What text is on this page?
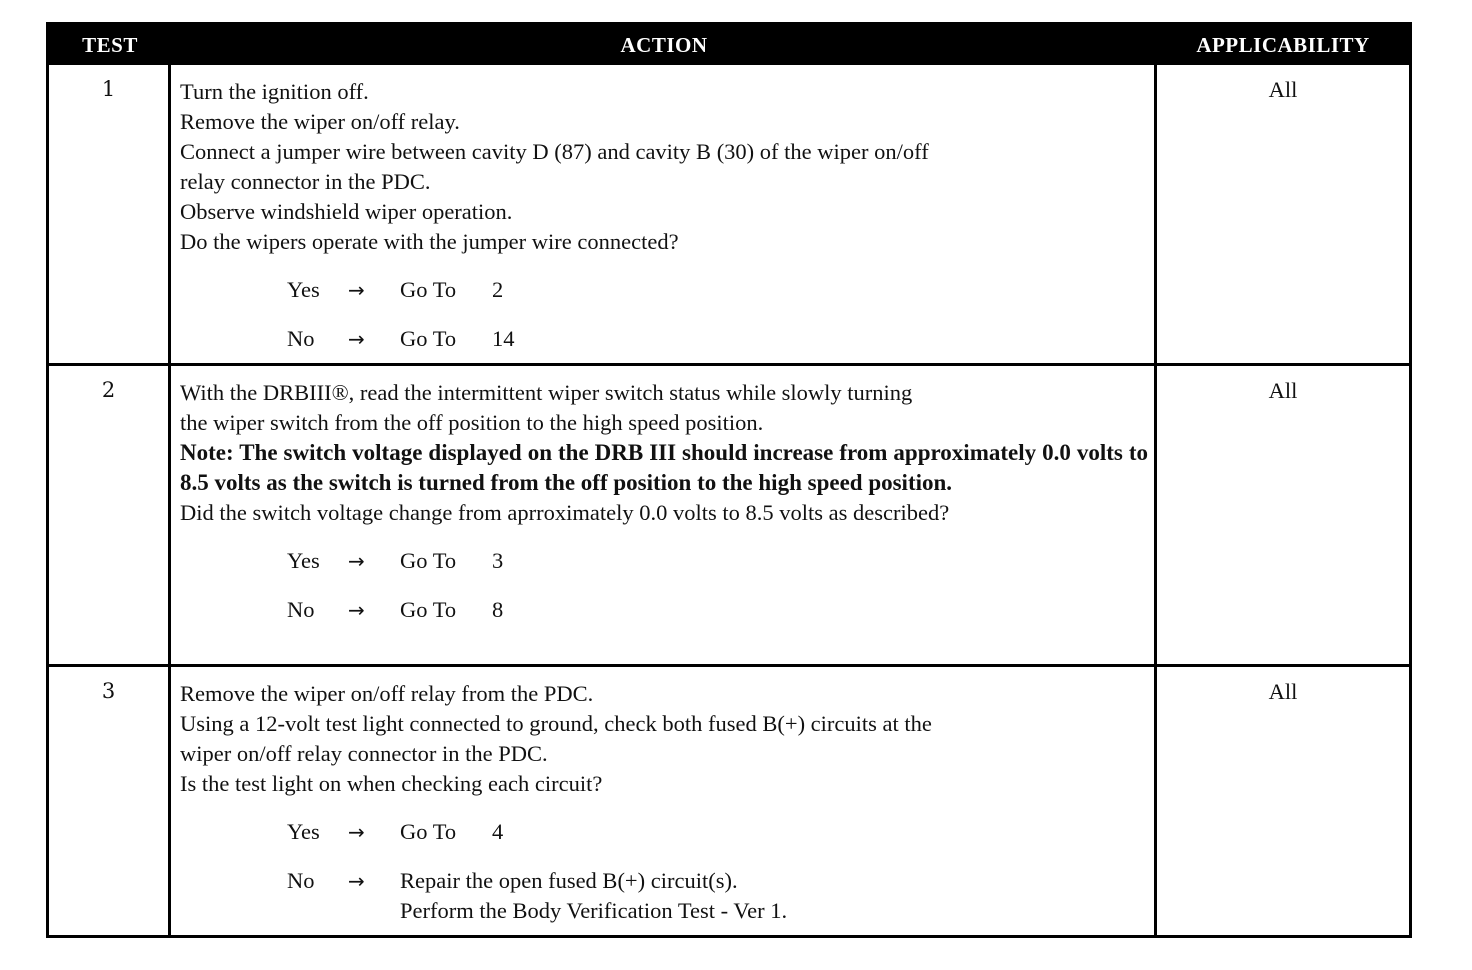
TEST	ACTION	APPLICABILITY
1	Turn the ignition off.
Remove the wiper on/off relay.
Connect a jumper wire between cavity D (87) and cavity B (30) of the wiper on/off
relay connector in the PDC.
Observe windshield wiper operation.
Do the wipers operate with the jumper wire connected?
Yes → Go To 2
No → Go To 14
All
2	With the DRBIII®, read the intermittent wiper switch status while slowly turning
the wiper switch from the off position to the high speed position.
Note: The switch voltage displayed on the DRB III should increase from approximately 0.0 volts to 8.5 volts as the switch is turned from the off position to the high speed position.
Did the switch voltage change from aprroximately 0.0 volts to 8.5 volts as described?
Yes → Go To 3
No → Go To 8
All
3	Remove the wiper on/off relay from the PDC.
Using a 12-volt test light connected to ground, check both fused B(+) circuits at the
wiper on/off relay connector in the PDC.
Is the test light on when checking each circuit?
Yes → Go To 4
No → Repair the open fused B(+) circuit(s).
Perform the Body Verification Test - Ver 1.
All
